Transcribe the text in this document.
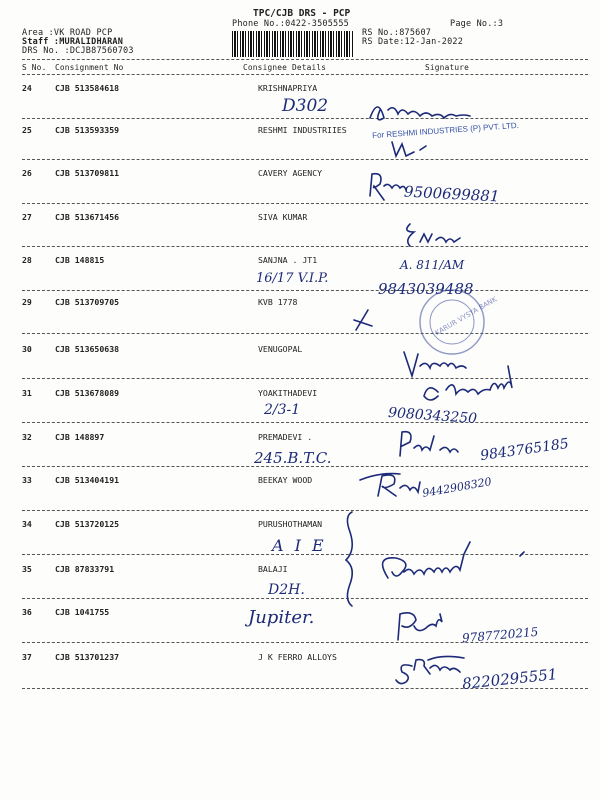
TPC/CJB DRS - PCP
Phone No.:0422-3505555	Page No.:3
Area :VK ROAD PCP
Staff :MURALIDHARAN
DRS No. :DCJB87560703
RS No.:875607
RS Date:12-Jan-2022
S No. Consignment No	Consignee Details	Signature
24	CJB 513584618	KRISHNAPRIYA
25	CJB 513593359	RESHMI INDUSTRIIES
26	CJB 513709811	CAVERY AGENCY
27	CJB 513671456	SIVA KUMAR
28	CJB 148815	SANJNA . JT1
29	CJB 513709705	KVB 1778
30	CJB 513650638	VENUGOPAL
31	CJB 513678089	YOAKITHADEVI
32	CJB 148897	PREMADEVI .
33	CJB 513404191	BEEKAY WOOD
34	CJB 513720125	PURUSHOTHAMAN
35	CJB 87833791	BALAJI
36	CJB 1041755
37	CJB 513701237	J K FERRO ALLOYS
D302
16/17 V.I.P.
2/3-1
245.B.T.C.
A I E
D2H.
Jupiter.
For RESHMI INDUSTRIES (P) PVT. LTD.
9500699881
A. 811/AM
9843039488
9080343250
9843765185
9442908320
9787720215
8220295551
KARUR VYSYA BANK
